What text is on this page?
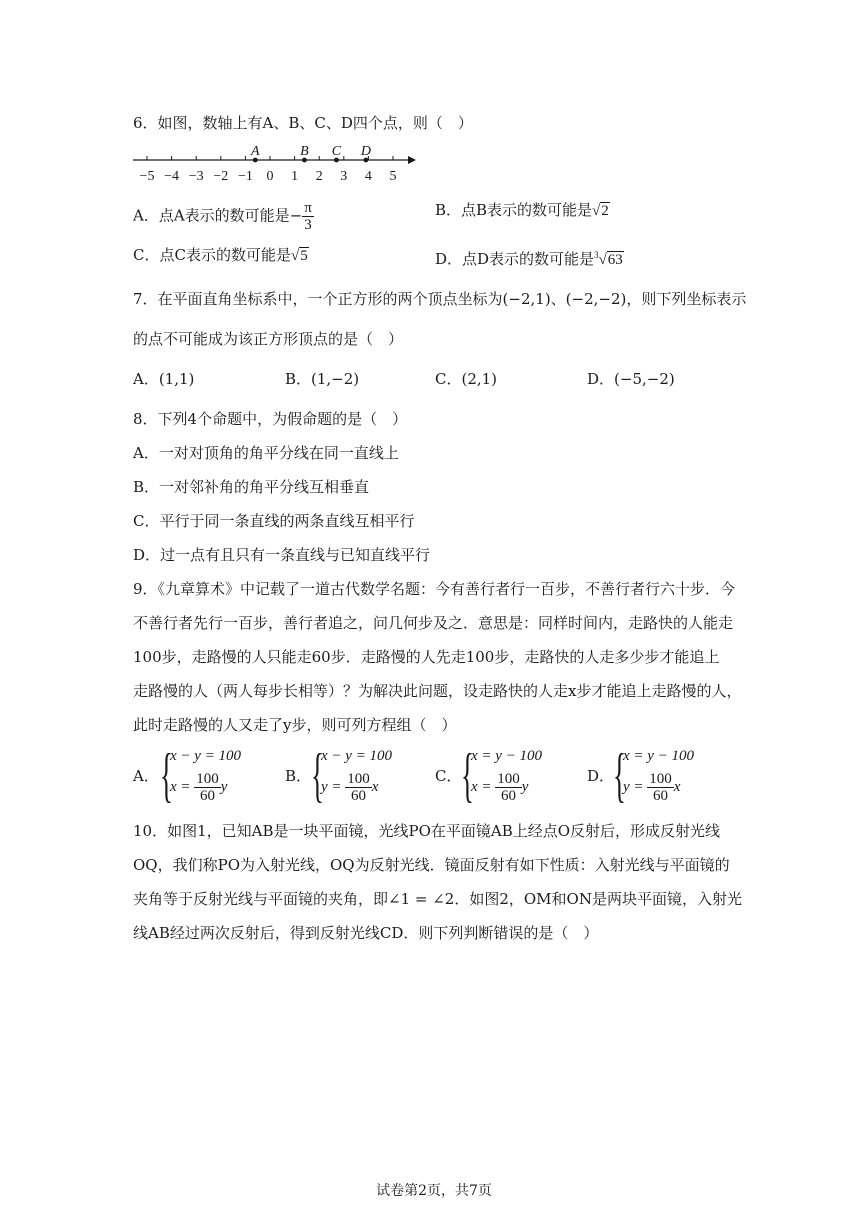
6．如图，数轴上有A、B、C、D四个点，则（　）
−5 −4 −3 −2 −1 0 1 2 3 4 5
A	B C D
A．点A表示的数可能是− $\frac{\pi}{3}$	B．点B表示的数可能是√2
C．点C表示的数可能是√5	D．点D表示的数可能是$^3$√63
7．在平面直角坐标系中，一个正方形的两个顶点坐标为(−2,1)、(−2,−2)，则下列坐标表示
的点不可能成为该正方形顶点的是（　）
A．(1,1)	B．(1,−2)	C．(2,1)	D．(−5,−2)
8．下列4个命题中，为假命题的是（　）
A．一对对顶角的角平分线在同一直线上
B．一对邻补角的角平分线互相垂直
C．平行于同一条直线的两条直线互相平行
D．过一点有且只有一条直线与已知直线平行
9．《九章算术》中记载了一道古代数学名题：今有善行者行一百步，不善行者行六十步．今
不善行者先行一百步，善行者追之，问几何步及之．意思是：同样时间内，走路快的人能走
100步，走路慢的人只能走60步．走路慢的人先走100步，走路快的人走多少步才能追上
走路慢的人（两人每步长相等）？为解决此问题，设走路快的人走x步才能追上走路慢的人，
此时走路慢的人又走了y步，则可列方程组（　）
A． {
x − y = 100
$x = \frac{100}{60}$ y
B． {
x − y = 100
$y = \frac{100}{60}$ x
C． {
x = y − 100
$x = \frac{100}{60}$ y
D．
{
x = y − 100
$y = \frac{100}{60}$ x
10．如图1，已知AB是一块平面镜，光线PO在平面镜AB上经点O反射后，形成反射光线
OQ，我们称PO为入射光线，OQ为反射光线．镜面反射有如下性质：入射光线与平面镜的
夹角等于反射光线与平面镜的夹角，即∠1 = ∠2．如图2，OM和ON是两块平面镜，入射光
线AB经过两次反射后，得到反射光线CD．则下列判断错误的是（　）
试卷第2页，共7页
